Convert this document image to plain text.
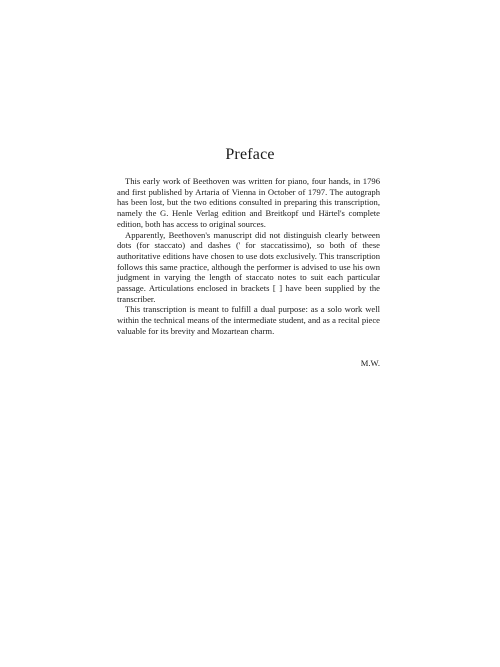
Preface

This early work of Beethoven was written for piano, four hands, in 1796 and first published by Artaria of Vienna in October of 1797. The autograph has been lost, but the two editions consulted in preparing this transcription, namely the G. Henle Verlag edition and Breitkopf und Härtel's complete edition, both has access to original sources.

Apparently, Beethoven's manuscript did not distinguish clearly between dots (for staccato) and dashes (' for staccatissimo), so both of these authoritative editions have chosen to use dots exclusively. This transcription follows this same practice, although the performer is advised to use his own judgment in varying the length of staccato notes to suit each particular passage. Articulations enclosed in brackets [ ] have been supplied by the transcriber.

This transcription is meant to fulfill a dual purpose: as a solo work well within the technical means of the intermediate student, and as a recital piece valuable for its brevity and Mozartean charm.

M.W.
